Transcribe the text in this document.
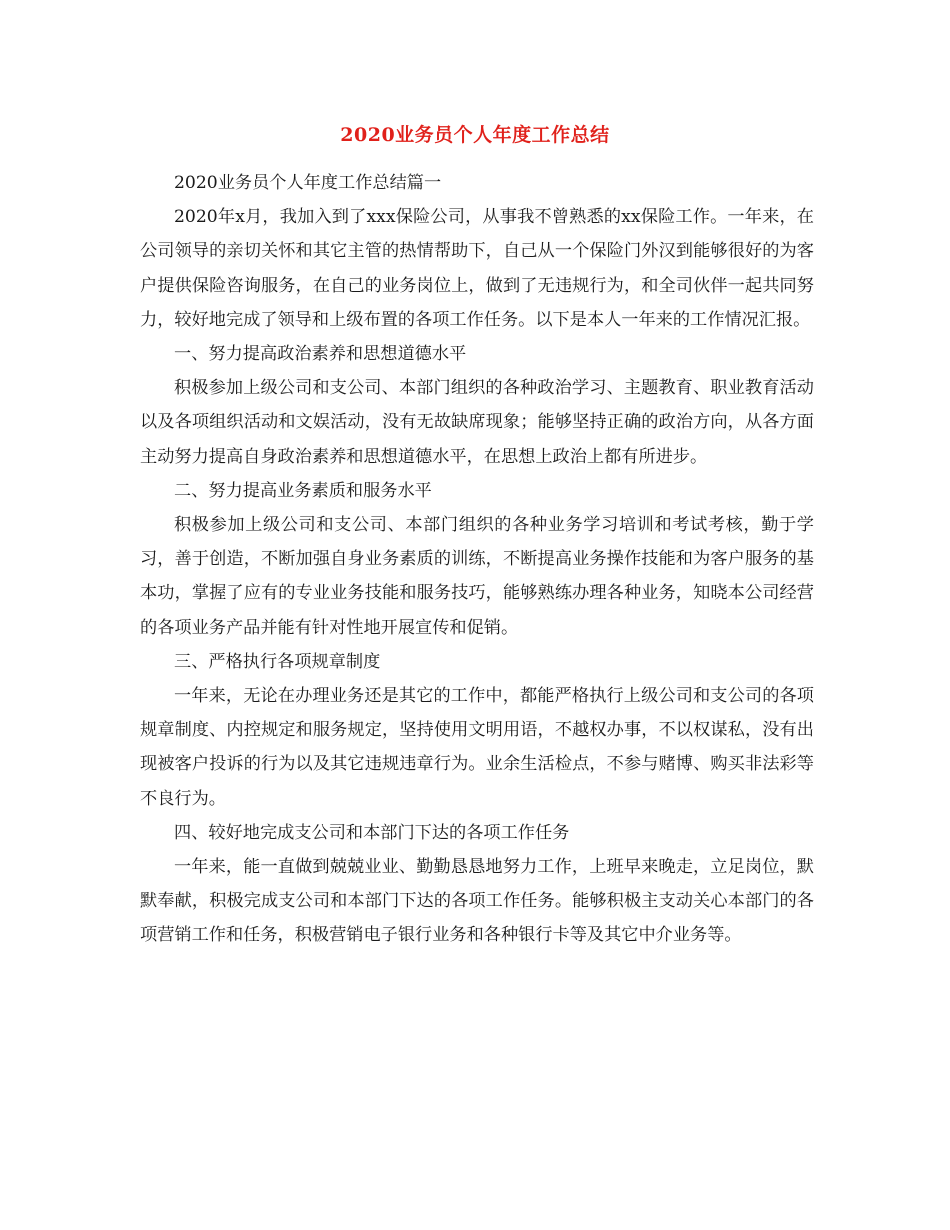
2020业务员个人年度工作总结

2020业务员个人年度工作总结篇一

2020年x月，我加入到了xxx保险公司，从事我不曾熟悉的xx保险工作。一年来，在公司领导的亲切关怀和其它主管的热情帮助下，自己从一个保险门外汉到能够很好的为客户提供保险咨询服务，在自己的业务岗位上，做到了无违规行为，和全司伙伴一起共同努力，较好地完成了领导和上级布置的各项工作任务。以下是本人一年来的工作情况汇报。

一、努力提高政治素养和思想道德水平

积极参加上级公司和支公司、本部门组织的各种政治学习、主题教育、职业教育活动以及各项组织活动和文娱活动，没有无故缺席现象；能够坚持正确的政治方向，从各方面主动努力提高自身政治素养和思想道德水平，在思想上政治上都有所进步。

二、努力提高业务素质和服务水平

积极参加上级公司和支公司、本部门组织的各种业务学习培训和考试考核，勤于学习，善于创造，不断加强自身业务素质的训练，不断提高业务操作技能和为客户服务的基本功，掌握了应有的专业业务技能和服务技巧，能够熟练办理各种业务，知晓本公司经营的各项业务产品并能有针对性地开展宣传和促销。

三、严格执行各项规章制度

一年来，无论在办理业务还是其它的工作中，都能严格执行上级公司和支公司的各项规章制度、内控规定和服务规定，坚持使用文明用语，不越权办事，不以权谋私，没有出现被客户投诉的行为以及其它违规违章行为。业余生活检点，不参与赌博、购买非法彩等不良行为。

四、较好地完成支公司和本部门下达的各项工作任务

一年来，能一直做到兢兢业业、勤勤恳恳地努力工作，上班早来晚走，立足岗位，默默奉献，积极完成支公司和本部门下达的各项工作任务。能够积极主支动关心本部门的各项营销工作和任务，积极营销电子银行业务和各种银行卡等及其它中介业务等。
